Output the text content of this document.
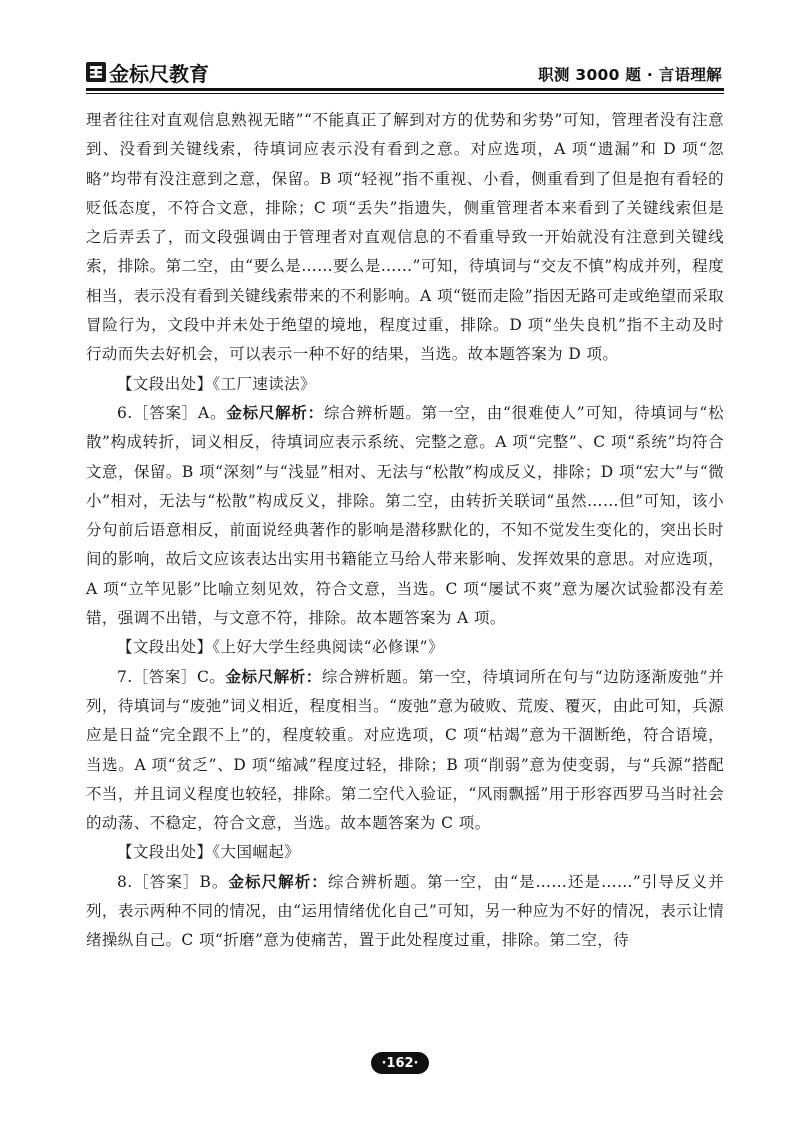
金标尺教育	职测 3000 题 · 言语理解

理者往往对直观信息熟视无睹”“不能真正了解到对方的优势和劣势”可知，管理者没有注意到、没看到关键线索，待填词应表示没有看到之意。对应选项，A 项“遗漏”和 D 项“忽略”均带有没注意到之意，保留。B 项“轻视”指不重视、小看，侧重看到了但是抱有看轻的贬低态度，不符合文意，排除；C 项“丢失”指遗失，侧重管理者本来看到了关键线索但是之后弄丢了，而文段强调由于管理者对直观信息的不看重导致一开始就没有注意到关键线索，排除。第二空，由“要么是……要么是……”可知，待填词与“交友不慎”构成并列，程度相当，表示没有看到关键线索带来的不利影响。A 项“铤而走险”指因无路可走或绝望而采取冒险行为，文段中并未处于绝望的境地，程度过重，排除。D 项“坐失良机”指不主动及时行动而失去好机会，可以表示一种不好的结果，当选。故本题答案为 D 项。

【文段出处】《工厂速读法》

6.［答案］A。金标尺解析：综合辨析题。第一空，由“很难使人”可知，待填词与“松散”构成转折，词义相反，待填词应表示系统、完整之意。A 项“完整”、C 项“系统”均符合文意，保留。B 项“深刻”与“浅显”相对、无法与“松散”构成反义，排除；D 项“宏大”与“微小”相对，无法与“松散”构成反义，排除。第二空，由转折关联词“虽然……但”可知，该小分句前后语意相反，前面说经典著作的影响是潜移默化的，不知不觉发生变化的，突出长时间的影响，故后文应该表达出实用书籍能立马给人带来影响、发挥效果的意思。对应选项，A 项“立竿见影”比喻立刻见效，符合文意，当选。C 项“屡试不爽”意为屡次试验都没有差错，强调不出错，与文意不符，排除。故本题答案为 A 项。

【文段出处】《上好大学生经典阅读“必修课”》

7.［答案］C。金标尺解析：综合辨析题。第一空，待填词所在句与“边防逐渐废弛”并列，待填词与“废弛”词义相近，程度相当。“废弛”意为破败、荒废、覆灭，由此可知，兵源应是日益“完全跟不上”的，程度较重。对应选项，C 项“枯竭”意为干涸断绝，符合语境，当选。A 项“贫乏”、D 项“缩减”程度过轻，排除；B 项“削弱”意为使变弱，与“兵源”搭配不当，并且词义程度也较轻，排除。第二空代入验证，“风雨飘摇”用于形容西罗马当时社会的动荡、不稳定，符合文意，当选。故本题答案为 C 项。

【文段出处】《大国崛起》

8.［答案］B。金标尺解析：综合辨析题。第一空，由“是……还是……”引导反义并列，表示两种不同的情况，由“运用情绪优化自己”可知，另一种应为不好的情况，表示让情绪操纵自己。C 项“折磨”意为使痛苦，置于此处程度过重，排除。第二空，待

·162·
